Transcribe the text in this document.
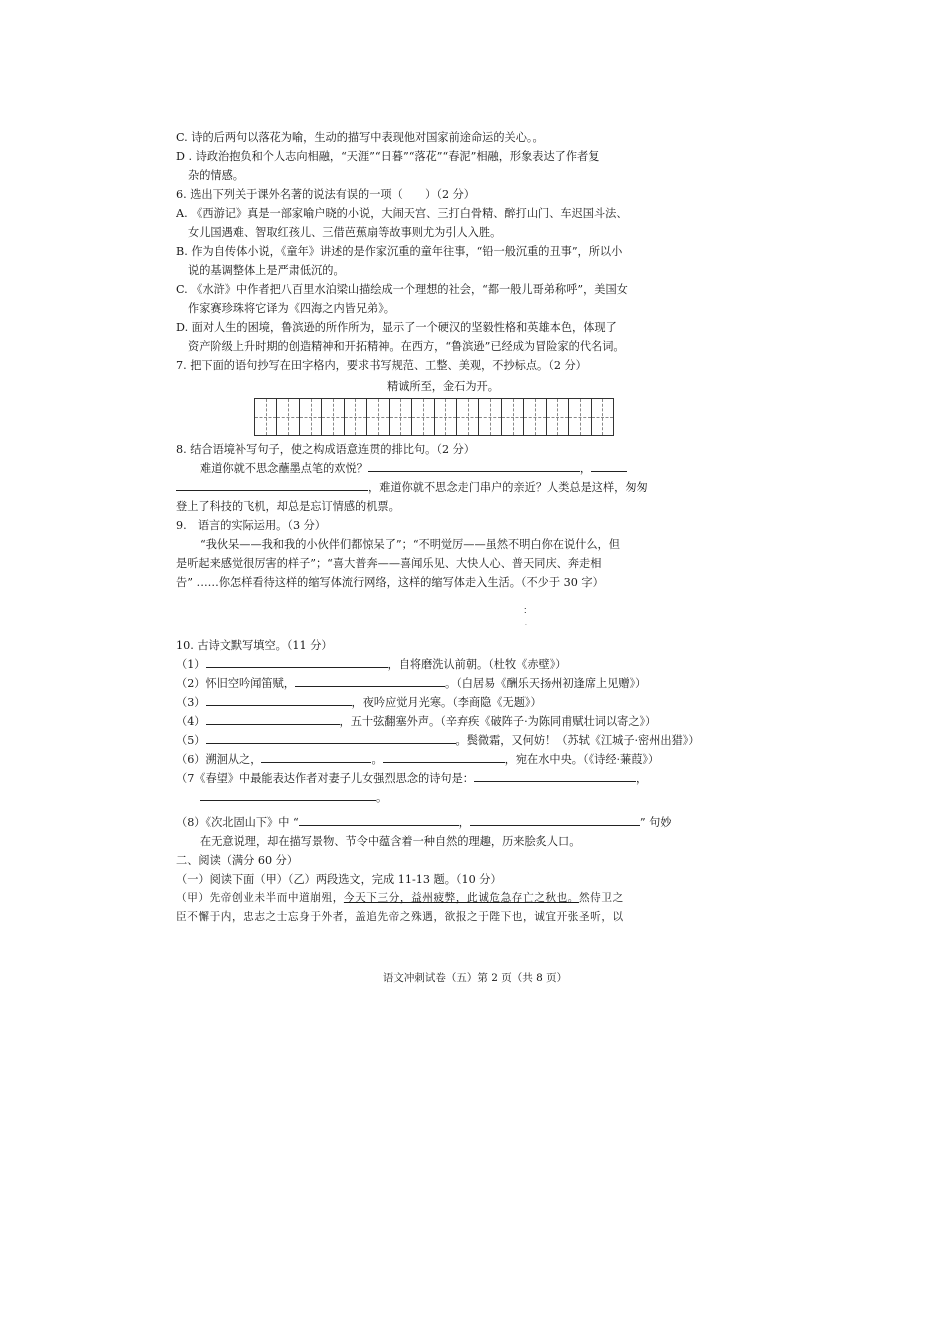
C. 诗的后两句以落花为喻，生动的描写中表现他对国家前途命运的关心。。
D . 诗政治抱负和个人志向相融，“天涯”“日暮”“落花”“春泥”相融，形象表达了作者复
杂的情感。
6. 选出下列关于课外名著的说法有误的一项（　　）（2 分）
A. 《西游记》真是一部家喻户晓的小说，大闹天宫、三打白骨精、醉打山门、车迟国斗法、
女儿国遇难、智取红孩儿、三借芭蕉扇等故事则尤为引人入胜。
B. 作为自传体小说，《童年》讲述的是作家沉重的童年往事，“铅一般沉重的丑事”，所以小
说的基调整体上是严肃低沉的。
C. 《水浒》中作者把八百里水泊梁山描绘成一个理想的社会，“都一般儿哥弟称呼”，美国女
作家赛珍珠将它译为《四海之内皆兄弟》。
D. 面对人生的困境，鲁滨逊的所作所为，显示了一个硬汉的坚毅性格和英雄本色，体现了
资产阶级上升时期的创造精神和开拓精神。在西方，“鲁滨逊”已经成为冒险家的代名词。
7. 把下面的语句抄写在田字格内，要求书写规范、工整、美观，不抄标点。（2 分）
精诚所至，金石为开。
8. 结合语境补写句子，使之构成语意连贯的排比句。（2 分）
难道你就不思念蘸墨点笔的欢悦？	，
，难道你就不思念走门串户的亲近？人类总是这样，匆匆
登上了科技的飞机，却总是忘订情感的机票。
9.　语言的实际运用。（3 分）
“我伙呆——我和我的小伙伴们都惊呆了”；“不明觉厉——虽然不明白你在说什么，但
是听起来感觉很厉害的样子”；“喜大普奔——喜闻乐见、大快人心、普天同庆、奔走相
告” ……你怎样看待这样的缩写体流行网络，这样的缩写体走入生活。（不少于 30 字）
∶
·
10. 古诗文默写填空。（11 分）
（1）	，自将磨洗认前朝。（杜牧《赤壁》）
（2）怀旧空吟闻笛赋，	。（白居易《酬乐天扬州初逢席上见赠》）
（3）	，夜吟应觉月光寒。（李商隐《无题》）
（4）	，五十弦翻塞外声。（辛弃疾《破阵子·为陈同甫赋壮词以寄之》）
（5）	。鬓微霜，又何妨！（苏轼《江城子·密州出猎》）
（6）溯洄从之，	。	，宛在水中央。（《诗经·蒹葭》）
（7《春望》中最能表达作者对妻子儿女强烈思念的诗句是：	，
。
（8）《次北固山下》中 “	，	” 句妙
在无意说理，却在描写景物、节令中蕴含着一种自然的理趣，历来脍炙人口。
二、阅读（满分 60 分）
（一）阅读下面（甲）（乙）两段选文，完成 11-13 题。（10 分）
（甲）先帝创业未半而中道崩殂，今天下三分，益州疲弊，此诚危急存亡之秋也。然侍卫之
臣不懈于内，忠志之士忘身于外者，盖追先帝之殊遇，欲报之于陛下也，诚宜开张圣听，以
语文冲刺试卷（五）第 2 页（共 8 页）
